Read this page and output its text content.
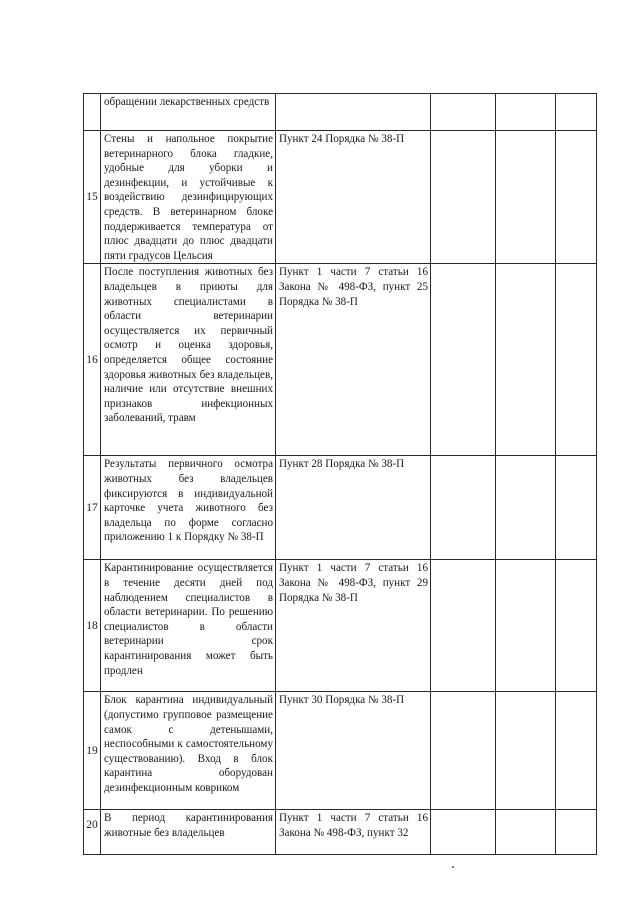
	обращении лекарственных средств				

15	Стены и напольное покрытие ветеринарного блока гладкие, удобные для уборки и дезинфекции, и устойчивые к воздействию дезинфицирующих средств. В ветеринарном блоке поддерживается температура от плюс двадцати до плюс двадцати пяти градусов Цельсия	Пункт 24 Порядка № 38-П			

16	После поступления животных без владельцев в приюты для животных специалистами в области ветеринарии осуществляется их первичный осмотр и оценка здоровья, определяется общее состояние здоровья животных без владельцев, наличие или отсутствие внешних признаков инфекционных заболеваний, травм	Пункт 1 части 7 статьи 16 Закона № 498-ФЗ, пункт 25 Порядка № 38-П			

17	Результаты первичного осмотра животных без владельцев фиксируются в индивидуальной карточке учета животного без владельца по форме согласно приложению 1 к Порядку № 38-П	Пункт 28 Порядка № 38-П			

18	Карантинирование осуществляется в течение десяти дней под наблюдением специалистов в области ветеринарии. По решению специалистов в области ветеринарии срок карантинирования может быть продлен	Пункт 1 части 7 статьи 16 Закона № 498-ФЗ, пункт 29 Порядка № 38-П			

19	Блок карантина индивидуальный (допустимо групповое размещение самок с детенышами, неспособными к самостоятельному существованию). Вход в блок карантина оборудован дезинфекционным ковриком	Пункт 30 Порядка № 38-П			

20	В период карантинирования животные без владельцев	Пункт 1 части 7 статьи 16 Закона № 498-ФЗ, пункт 32			
